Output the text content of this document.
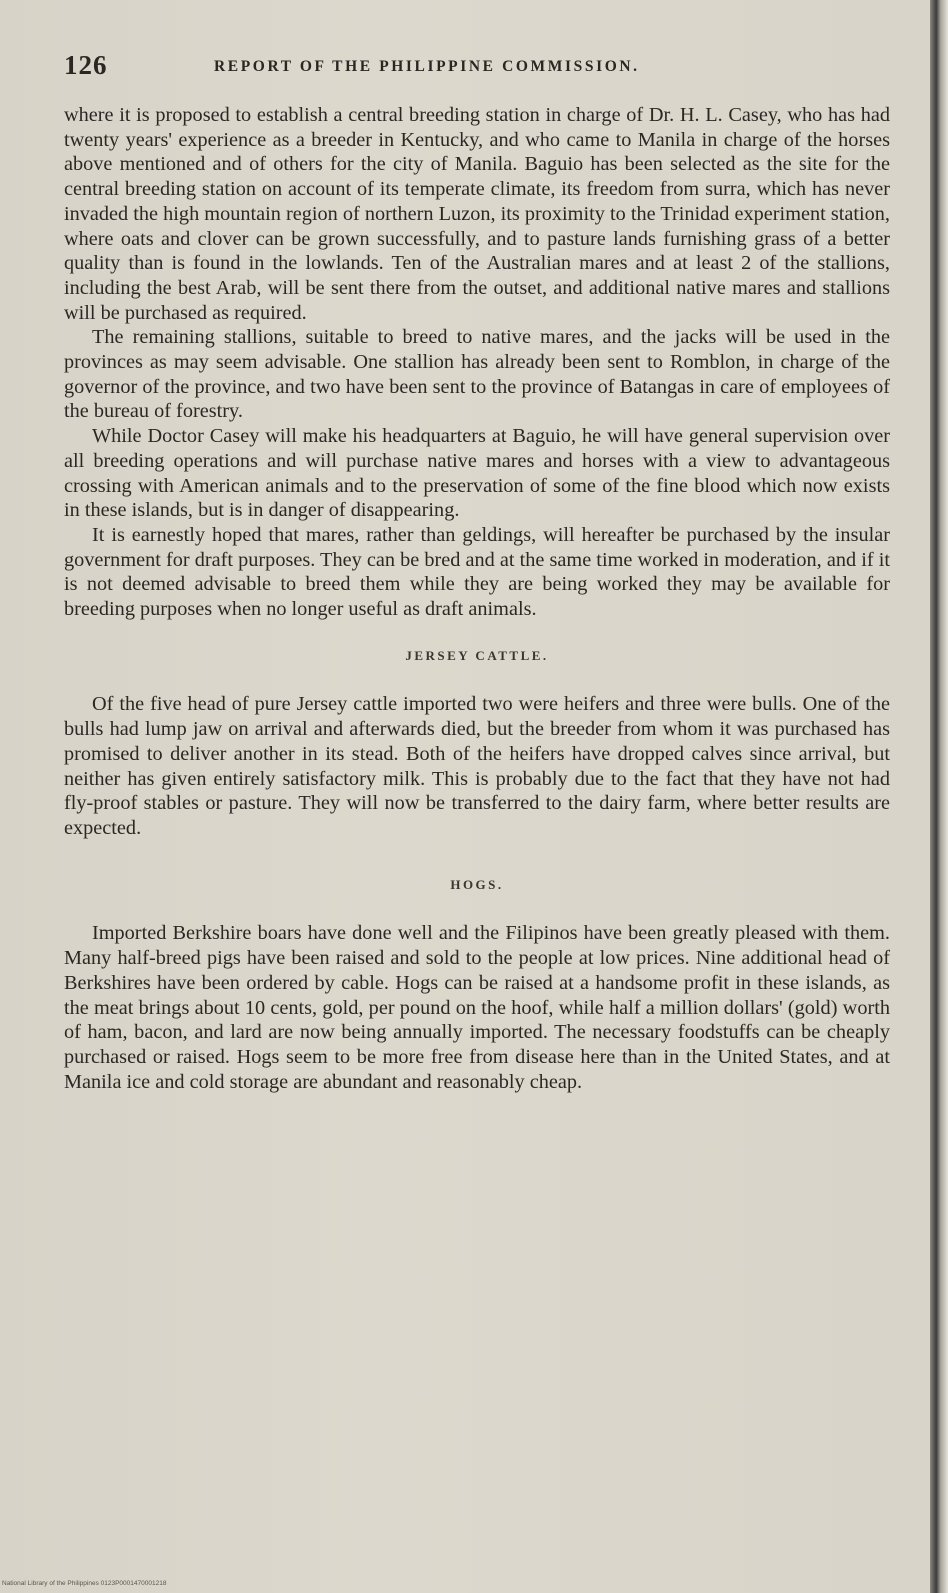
126	REPORT OF THE PHILIPPINE COMMISSION.

where it is proposed to establish a central breeding station in charge of Dr. H. L. Casey, who has had twenty years' experience as a breeder in Kentucky, and who came to Manila in charge of the horses above mentioned and of others for the city of Manila. Baguio has been selected as the site for the central breeding station on account of its temperate climate, its freedom from surra, which has never invaded the high mountain region of northern Luzon, its proximity to the Trinidad experiment station, where oats and clover can be grown successfully, and to pasture lands furnishing grass of a better quality than is found in the lowlands. Ten of the Australian mares and at least 2 of the stallions, including the best Arab, will be sent there from the outset, and additional native mares and stallions will be purchased as required.

The remaining stallions, suitable to breed to native mares, and the jacks will be used in the provinces as may seem advisable. One stallion has already been sent to Romblon, in charge of the governor of the province, and two have been sent to the province of Batangas in care of employees of the bureau of forestry.

While Doctor Casey will make his headquarters at Baguio, he will have general supervision over all breeding operations and will purchase native mares and horses with a view to advantageous crossing with American animals and to the preservation of some of the fine blood which now exists in these islands, but is in danger of disappearing.

It is earnestly hoped that mares, rather than geldings, will hereafter be purchased by the insular government for draft purposes. They can be bred and at the same time worked in moderation, and if it is not deemed advisable to breed them while they are being worked they may be available for breeding purposes when no longer useful as draft animals.

JERSEY CATTLE.

Of the five head of pure Jersey cattle imported two were heifers and three were bulls. One of the bulls had lump jaw on arrival and afterwards died, but the breeder from whom it was purchased has promised to deliver another in its stead. Both of the heifers have dropped calves since arrival, but neither has given entirely satisfactory milk. This is probably due to the fact that they have not had fly-proof stables or pasture. They will now be transferred to the dairy farm, where better results are expected.

HOGS.

Imported Berkshire boars have done well and the Filipinos have been greatly pleased with them. Many half-breed pigs have been raised and sold to the people at low prices. Nine additional head of Berkshires have been ordered by cable. Hogs can be raised at a handsome profit in these islands, as the meat brings about 10 cents, gold, per pound on the hoof, while half a million dollars' (gold) worth of ham, bacon, and lard are now being annually imported. The necessary foodstuffs can be cheaply purchased or raised. Hogs seem to be more free from disease here than in the United States, and at Manila ice and cold storage are abundant and reasonably cheap.

National Library of the Philippines 0123P0001470001218
